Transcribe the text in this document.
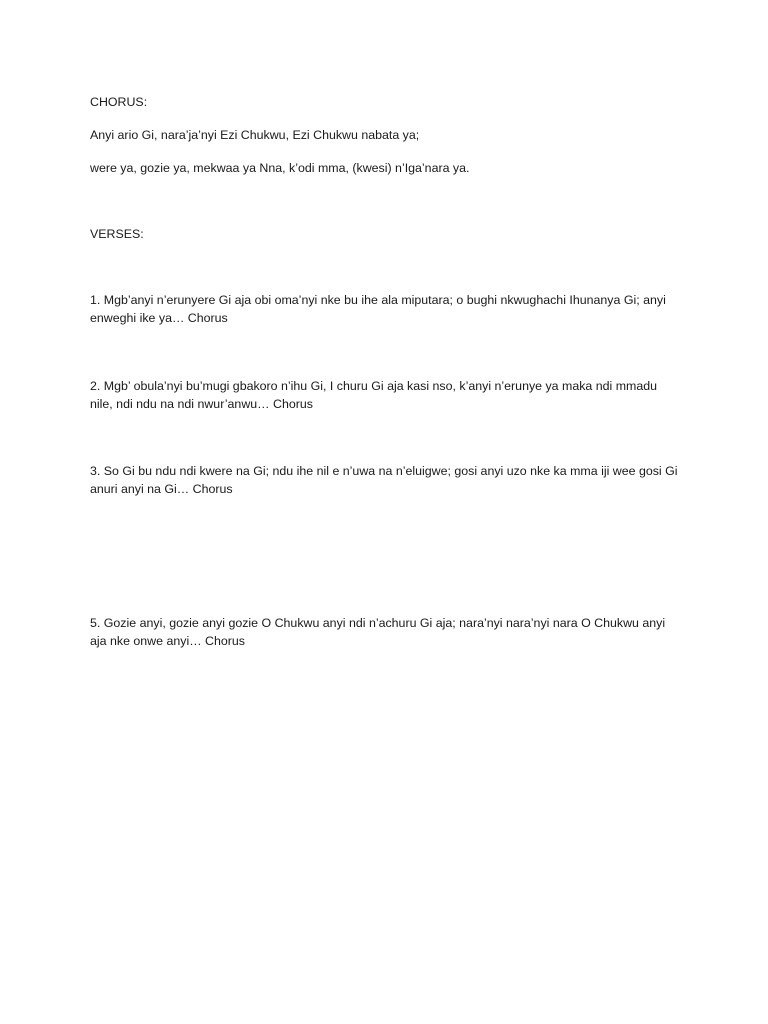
CHORUS:

Anyi ario Gi, nara’ja’nyi Ezi Chukwu, Ezi Chukwu nabata ya;

were ya, gozie ya, mekwaa ya Nna, k’odi mma, (kwesi) n’Iga’nara ya.

VERSES:

1. Mgb’anyi n’erunyere Gi aja obi oma’nyi nke bu ihe ala miputara; o bughi nkwughachi Ihunanya Gi; anyi enweghi ike ya… Chorus

2. Mgb’ obula’nyi bu’mugi gbakoro n’ihu Gi, I churu Gi aja kasi nso, k’anyi n’erunye ya maka ndi mmadu nile, ndi ndu na ndi nwur’anwu… Chorus

3. So Gi bu ndu ndi kwere na Gi; ndu ihe nil e n’uwa na n’eluigwe; gosi anyi uzo nke ka mma iji wee gosi Gi anuri anyi na Gi… Chorus

5. Gozie anyi, gozie anyi gozie O Chukwu anyi ndi n’achuru Gi aja; nara’nyi nara’nyi nara O Chukwu anyi aja nke onwe anyi… Chorus
